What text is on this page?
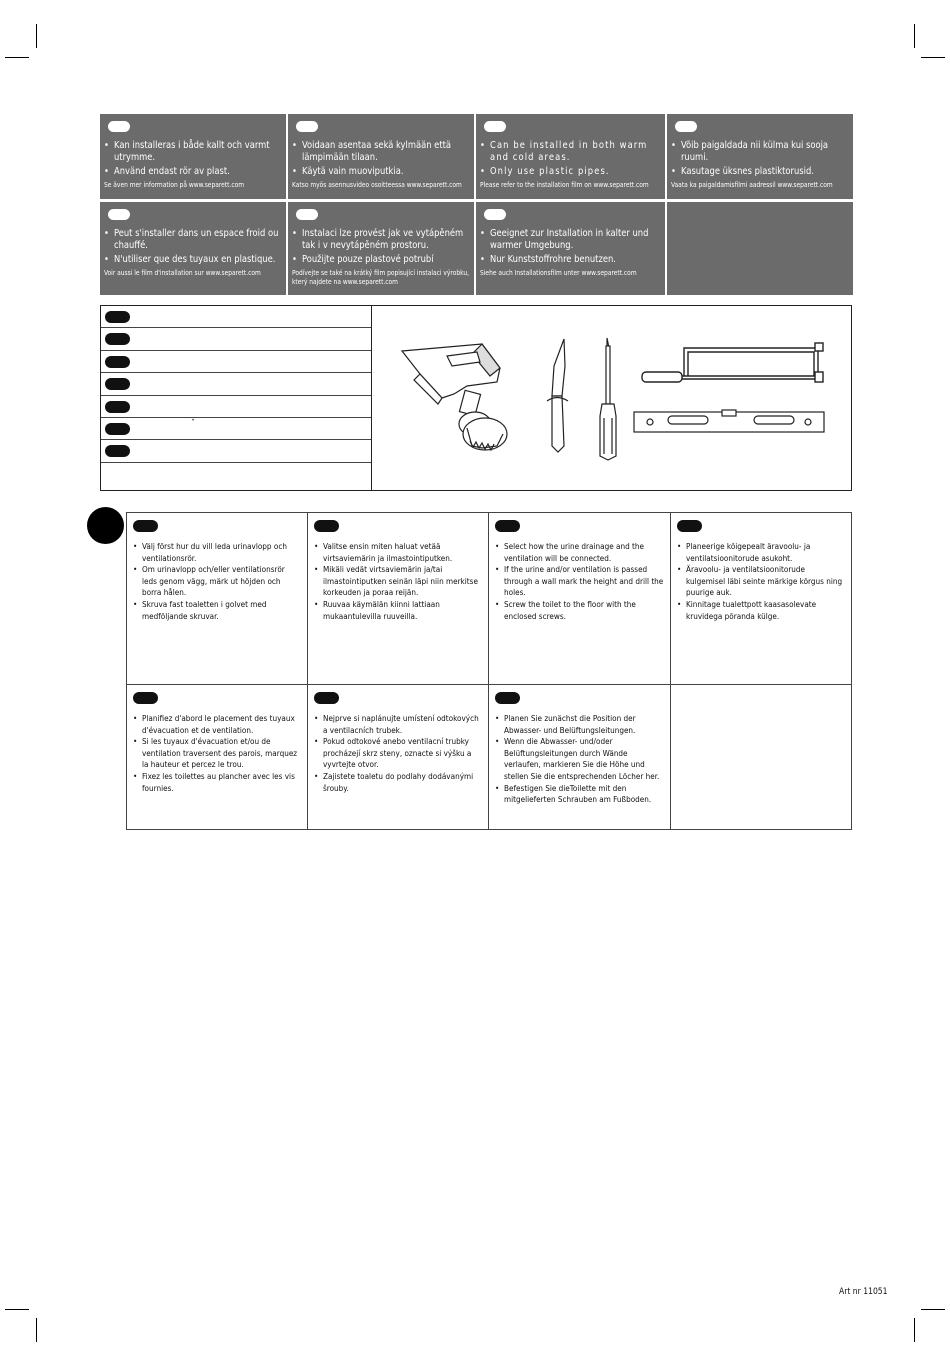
• Kan installeras i både kallt och varmt utrymme.
• Använd endast rör av plast.
Se även mer information på www.separett.com
• Voidaan asentaa sekä kylmään että lämpimään tilaan.
• Käytä vain muoviputkia.
Katso myös asennusvideo osoitteessa www.separett.com
• Can be installed in both warm and cold areas.
• Only use plastic pipes.
Please refer to the installation film on www.separett.com
• Võib paigaldada nii külma kui sooja ruumi.
• Kasutage üksnes plastiktorusid.
Vaata ka paigaldamisfilmi aadressil www.separett.com
• Peut s'installer dans un espace froid ou chauffé.
• N'utiliser que des tuyaux en plastique.
Voir aussi le film d'installation sur www.separett.com
• Instalaci lze provést jak ve vytápěném tak i v nevytápěném prostoru.
• Použijte pouze plastové potrubí
Podívejte se také na krátký film popisující instalaci výrobku, který najdete na www.separett.com
• Geeignet zur Installation in kalter und warmer Umgebung.
• Nur Kunststoffrohre benutzen.
Siehe auch Installationsfilm unter www.separett.com
ˇ
• Välj först hur du vill leda urinavlopp och ventilationsrör.
• Om urinavlopp och/eller ventilationsrör leds genom vägg, märk ut höjden och borra hålen.
• Skruva fast toaletten i golvet med medföljande skruvar.
• Valitse ensin miten haluat vetää virtsaviemärin ja ilmastointiputken.
• Mikäli vedät virtsaviemärin ja/tai ilmastointiputken seinän läpi niin merkitse korkeuden ja poraa reijän.
• Ruuvaa käymälän kiinni lattiaan mukaantulevilla ruuveilla.
• Select how the urine drainage and the ventilation will be connected.
• If the urine and/or ventilation is passed through a wall mark the height and drill the holes.
• Screw the toilet to the floor with the enclosed screws.
• Planeerige kõigepealt äravoolu- ja ventilatsioonitorude asukoht.
• Äravoolu- ja ventilatsioonitorude kulgemisel läbi seinte märkige kõrgus ning puurige auk.
• Kinnitage tualettpott kaasasolevate kruvidega põranda külge.
• Planifiez d'abord le placement des tuyaux d'évacuation et de ventilation.
• Si les tuyaux d'évacuation et/ou de ventilation traversent des parois, marquez la hauteur et percez le trou.
• Fixez les toilettes au plancher avec les vis fournies.
• Nejprve si naplánujte umístení odtokových a ventilacních trubek.
• Pokud odtokové anebo ventilacní trubky procházejí skrz steny, oznacte si výšku a vyvrtejte otvor.
• Zajistete toaletu do podlahy dodávanými šrouby.
• Planen Sie zunächst die Position der Abwasser- und Belüftungsleitungen.
• Wenn die Abwasser- und/oder Belüftungsleitungen durch Wände verlaufen, markieren Sie die Höhe und stellen Sie die entsprechenden Löcher her.
• Befestigen Sie dieToilette mit den mitgelieferten Schrauben am Fußboden.
Art nr 11051
